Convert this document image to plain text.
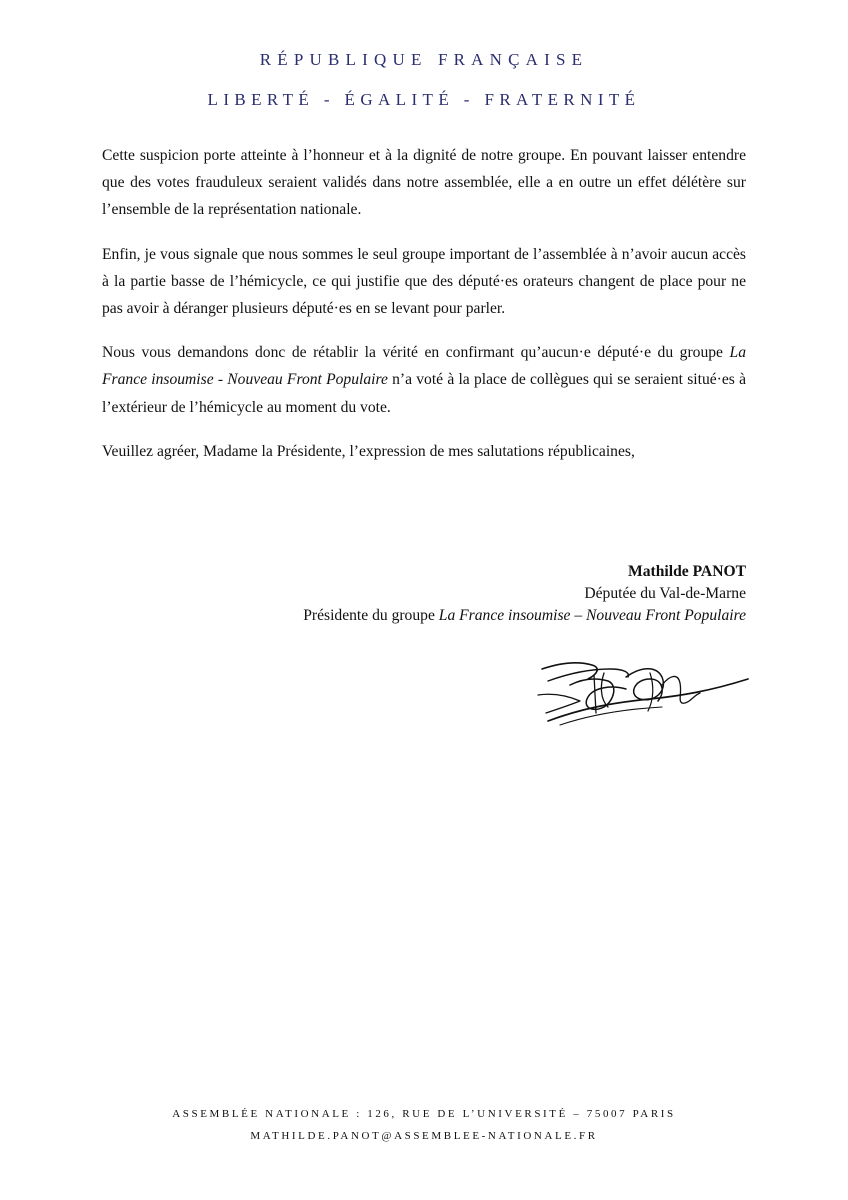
RÉPUBLIQUE FRANÇAISE
LIBERTÉ - ÉGALITÉ - FRATERNITÉ

Cette suspicion porte atteinte à l’honneur et à la dignité de notre groupe. En pouvant laisser entendre que des votes frauduleux seraient validés dans notre assemblée, elle a en outre un effet délétère sur l’ensemble de la représentation nationale.

Enfin, je vous signale que nous sommes le seul groupe important de l’assemblée à n’avoir aucun accès à la partie basse de l’hémicycle, ce qui justifie que des député·es orateurs changent de place pour ne pas avoir à déranger plusieurs député·es en se levant pour parler.

Nous vous demandons donc de rétablir la vérité en confirmant qu’aucun·e député·e du groupe La France insoumise - Nouveau Front Populaire n’a voté à la place de collègues qui se seraient situé·es à l’extérieur de l’hémicycle au moment du vote.

Veuillez agréer, Madame la Présidente, l’expression de mes salutations républicaines,

Mathilde PANOT
Députée du Val-de-Marne
Présidente du groupe La France insoumise – Nouveau Front Populaire
ASSEMBLÉE NATIONALE : 126, RUE DE L’UNIVERSITÉ – 75007 PARIS
MATHILDE.PANOT@ASSEMBLEE-NATIONALE.FR
